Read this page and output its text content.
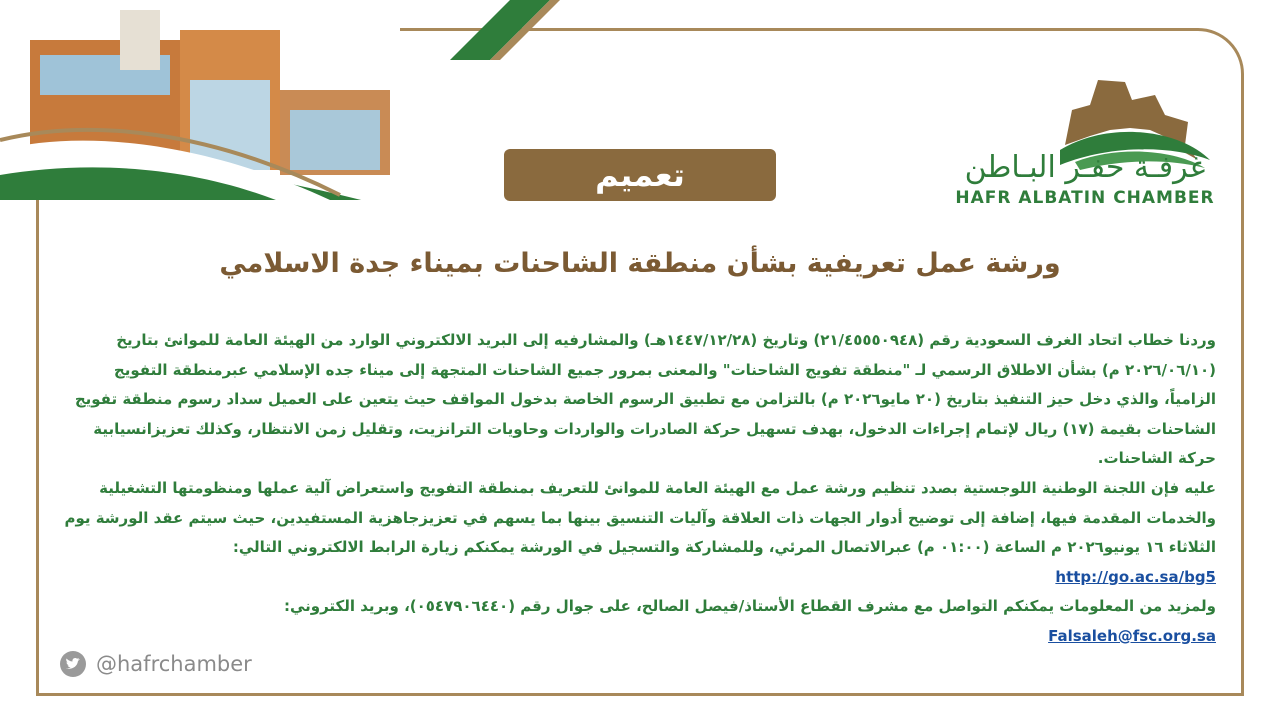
غرفـة حفـر البـاطن
HAFR ALBATIN CHAMBER
تعميم
ورشة عمل تعريفية بشأن منطقة الشاحنات بميناء جدة الاسلامي

وردنا خطاب اتحاد الغرف السعودية رقم (٢١/٤٥٥٥٠٩٤٨) وتاريخ (١٤٤٧/١٢/٢٨هـ) والمشارفيه إلى البريد الالكتروني الوارد من الهيئة العامة للموانئ بتاريخ (٢٠٢٦/٠٦/١٠ م) بشأن الاطلاق الرسمي لـ "منطقة تفويج الشاحنات" والمعنى بمرور جميع الشاحنات المتجهة إلى ميناء جده الإسلامي عبرمنطقة التفويج الزامياً، والذي دخل حيز التنفيذ بتاريخ (٢٠ مايو٢٠٢٦ م) بالتزامن مع تطبيق الرسوم الخاصة بدخول المواقف حيث يتعين على العميل سداد رسوم منطقة تفويج الشاحنات بقيمة (١٧) ريال لإتمام إجراءات الدخول، بهدف تسهيل حركة الصادرات والواردات وحاويات الترانزيت، وتقليل زمن الانتظار، وكذلك تعزيزانسيابية حركة الشاحنات.

عليه فإن اللجنة الوطنية اللوجستية بصدد تنظيم ورشة عمل مع الهيئة العامة للموانئ للتعريف بمنطقة التفويج واستعراض آلية عملها ومنظومتها التشغيلية والخدمات المقدمة فيها، إضافة إلى توضيح أدوار الجهات ذات العلاقة وآليات التنسيق بينها بما يسهم في تعزيزجاهزية المستفيدين، حيث سيتم عقد الورشة يوم الثلاثاء ١٦ يونيو٢٠٢٦ م الساعة (٠١:٠٠ م) عبرالاتصال المرئي، وللمشاركة والتسجيل في الورشة يمكنكم زيارة الرابط الالكتروني التالي:

http://go.ac.sa/bg5

ولمزيد من المعلومات يمكنكم التواصل مع مشرف القطاع الأستاذ/فيصل الصالح، على جوال رقم (٠٥٤٧٩٠٦٤٤٠)، وبريد الكتروني:

Falsaleh@fsc.org.sa
@hafrchamber
